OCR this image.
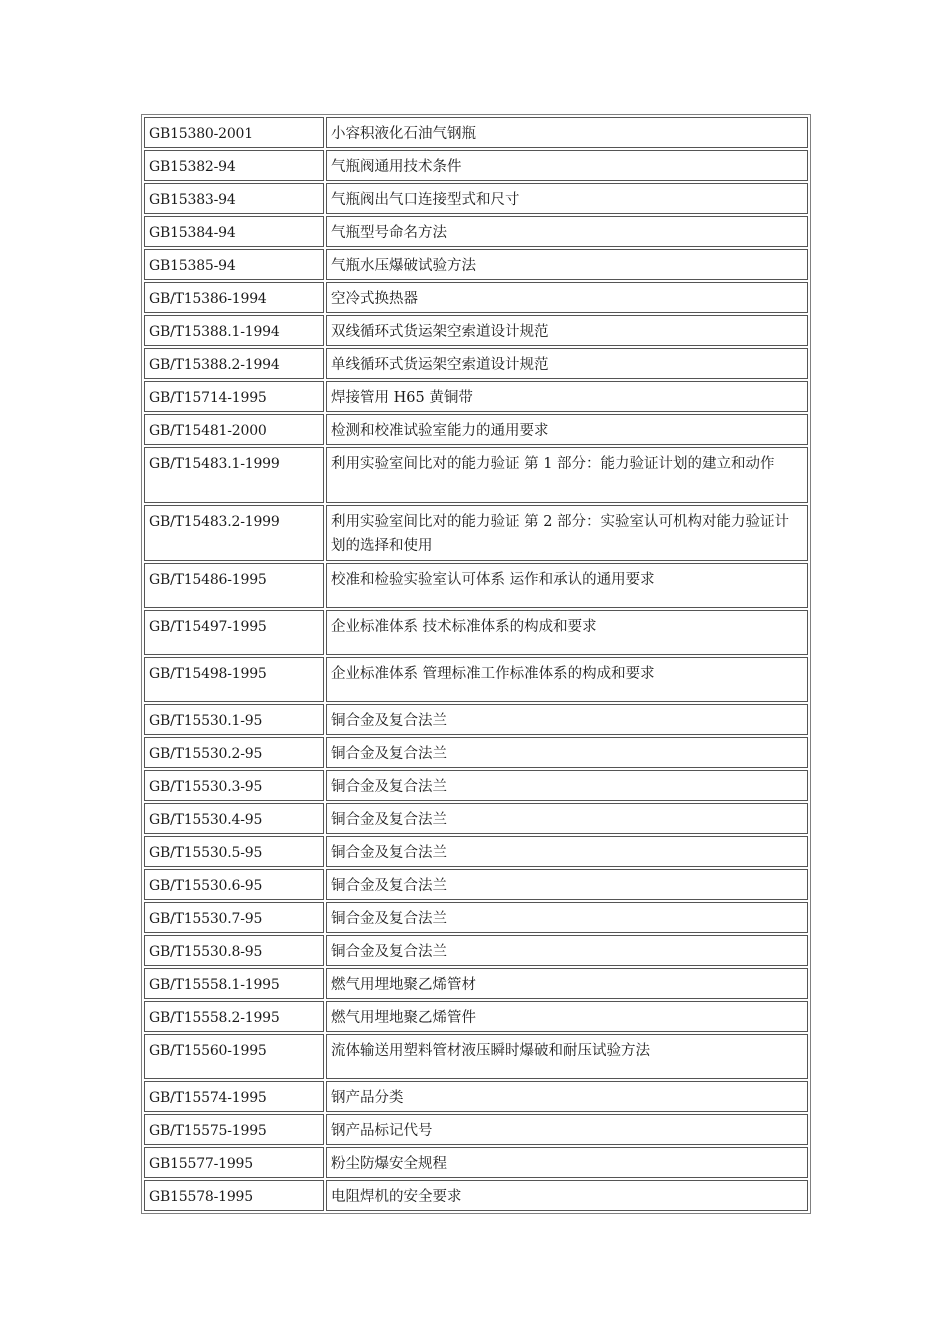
GB15380-2001	小容积液化石油气钢瓶
GB15382-94	气瓶阀通用技术条件
GB15383-94	气瓶阀出气口连接型式和尺寸
GB15384-94	气瓶型号命名方法
GB15385-94	气瓶水压爆破试验方法
GB/T15386-1994	空冷式换热器
GB/T15388.1-1994	双线循环式货运架空索道设计规范
GB/T15388.2-1994	单线循环式货运架空索道设计规范
GB/T15714-1995	焊接管用 H65 黄铜带
GB/T15481-2000	检测和校准试验室能力的通用要求
GB/T15483.1-1999	利用实验室间比对的能力验证 第 1 部分：能力验证计划的建立和动作
GB/T15483.2-1999	利用实验室间比对的能力验证 第 2 部分：实验室认可机构对能力验证计划的选择和使用
GB/T15486-1995	校准和检验实验室认可体系 运作和承认的通用要求
GB/T15497-1995	企业标准体系 技术标准体系的构成和要求
GB/T15498-1995	企业标准体系 管理标准工作标准体系的构成和要求
GB/T15530.1-95	铜合金及复合法兰
GB/T15530.2-95	铜合金及复合法兰
GB/T15530.3-95	铜合金及复合法兰
GB/T15530.4-95	铜合金及复合法兰
GB/T15530.5-95	铜合金及复合法兰
GB/T15530.6-95	铜合金及复合法兰
GB/T15530.7-95	铜合金及复合法兰
GB/T15530.8-95	铜合金及复合法兰
GB/T15558.1-1995	燃气用埋地聚乙烯管材
GB/T15558.2-1995	燃气用埋地聚乙烯管件
GB/T15560-1995	流体输送用塑料管材液压瞬时爆破和耐压试验方法
GB/T15574-1995	钢产品分类
GB/T15575-1995	钢产品标记代号
GB15577-1995	粉尘防爆安全规程
GB15578-1995	电阻焊机的安全要求
